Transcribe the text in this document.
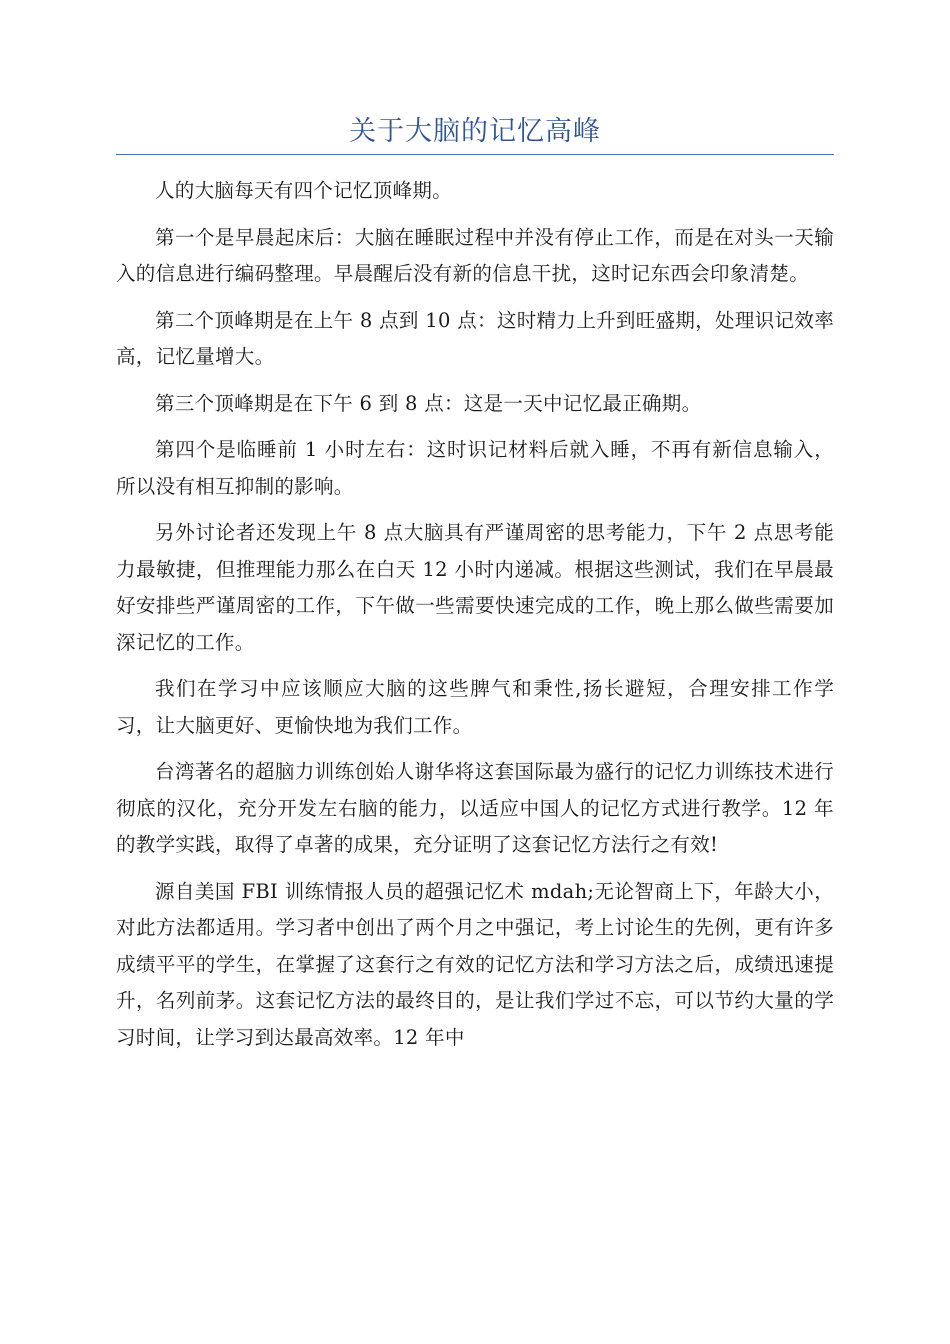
关于大脑的记忆高峰

人的大脑每天有四个记忆顶峰期。

第一个是早晨起床后：大脑在睡眠过程中并没有停止工作，而是在对头一天输入的信息进行编码整理。早晨醒后没有新的信息干扰，这时记东西会印象清楚。

第二个顶峰期是在上午 8 点到 10 点：这时精力上升到旺盛期，处理识记效率高，记忆量增大。

第三个顶峰期是在下午 6 到 8 点：这是一天中记忆最正确期。

第四个是临睡前 1 小时左右：这时识记材料后就入睡，不再有新信息输入，所以没有相互抑制的影响。

另外讨论者还发现上午 8 点大脑具有严谨周密的思考能力，下午 2 点思考能力最敏捷，但推理能力那么在白天 12 小时内递减。根据这些测试，我们在早晨最好安排些严谨周密的工作，下午做一些需要快速完成的工作，晚上那么做些需要加深记忆的工作。

我们在学习中应该顺应大脑的这些脾气和秉性,扬长避短，合理安排工作学习，让大脑更好、更愉快地为我们工作。

台湾著名的超脑力训练创始人谢华将这套国际最为盛行的记忆力训练技术进行彻底的汉化，充分开发左右脑的能力，以适应中国人的记忆方式进行教学。12 年的教学实践，取得了卓著的成果，充分证明了这套记忆方法行之有效!

源自美国 FBI 训练情报人员的超强记忆术 mdah;无论智商上下，年龄大小，对此方法都适用。学习者中创出了两个月之中强记，考上讨论生的先例，更有许多成绩平平的学生，在掌握了这套行之有效的记忆方法和学习方法之后，成绩迅速提升，名列前茅。这套记忆方法的最终目的，是让我们学过不忘，可以节约大量的学习时间，让学习到达最高效率。12 年中
